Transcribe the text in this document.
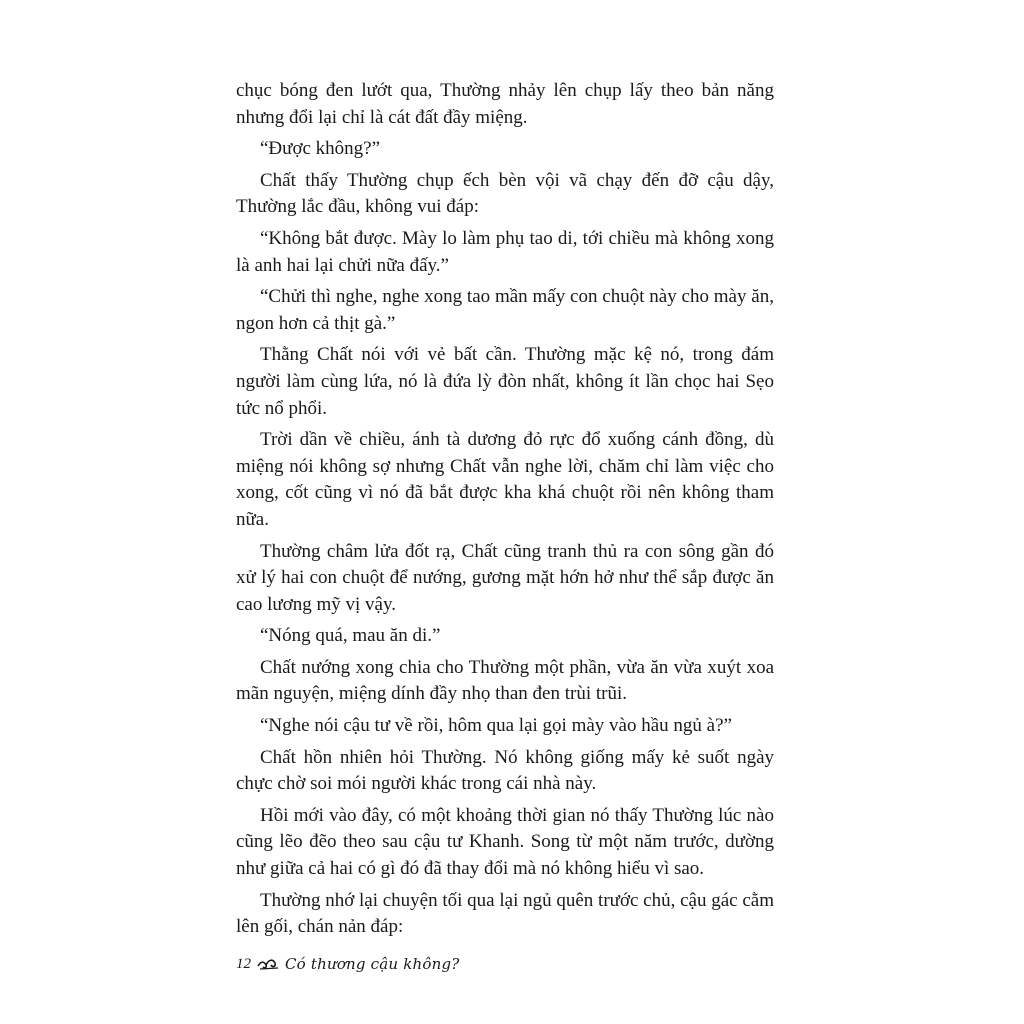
chục bóng đen lướt qua, Thường nhảy lên chụp lấy theo bản năng nhưng đổi lại chỉ là cát đất đầy miệng.

“Được không?”

Chất thấy Thường chụp ếch bèn vội vã chạy đến đỡ cậu dậy, Thường lắc đầu, không vui đáp:

“Không bắt được. Mày lo làm phụ tao di, tới chiều mà không xong là anh hai lại chửi nữa đấy.”

“Chửi thì nghe, nghe xong tao mần mấy con chuột này cho mày ăn, ngon hơn cả thịt gà.”

Thằng Chất nói với vẻ bất cần. Thường mặc kệ nó, trong đám người làm cùng lứa, nó là đứa lỳ đòn nhất, không ít lần chọc hai Sẹo tức nổ phổi.

Trời dần về chiều, ánh tà dương đỏ rực đổ xuống cánh đồng, dù miệng nói không sợ nhưng Chất vẫn nghe lời, chăm chỉ làm việc cho xong, cốt cũng vì nó đã bắt được kha khá chuột rồi nên không tham nữa.

Thường châm lửa đốt rạ, Chất cũng tranh thủ ra con sông gần đó xử lý hai con chuột để nướng, gương mặt hớn hở như thể sắp được ăn cao lương mỹ vị vậy.

“Nóng quá, mau ăn di.”

Chất nướng xong chia cho Thường một phần, vừa ăn vừa xuýt xoa mãn nguyện, miệng dính đầy nhọ than đen trùi trũi.

“Nghe nói cậu tư về rồi, hôm qua lại gọi mày vào hầu ngủ à?”

Chất hồn nhiên hỏi Thường. Nó không giống mấy kẻ suốt ngày chực chờ soi mói người khác trong cái nhà này.

Hồi mới vào đây, có một khoảng thời gian nó thấy Thường lúc nào cũng lẽo đẽo theo sau cậu tư Khanh. Song từ một năm trước, dường như giữa cả hai có gì đó đã thay đổi mà nó không hiểu vì sao.

Thường nhớ lại chuyện tối qua lại ngủ quên trước chủ, cậu gác cằm lên gối, chán nản đáp:

12 Có thương cậu không?
